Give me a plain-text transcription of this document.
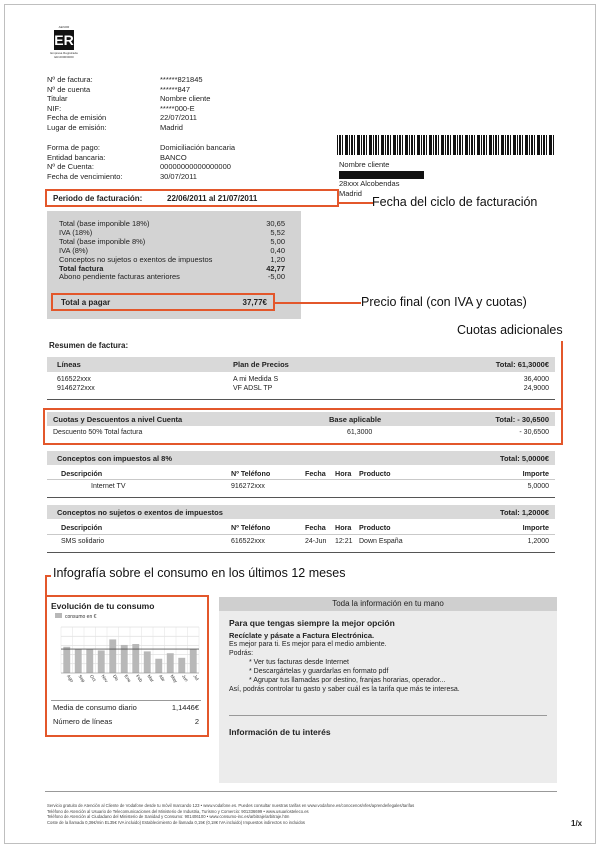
AENOR
ER
Empresa Registrada
ER-0000/0000
Nº de factura:	******821845
Nº de cuenta	******847
Titular	Nombre cliente
NIF:	*****000-E
Fecha de emisión	22/07/2011
Lugar de emisión:	Madrid
Forma de pago:	Domiciliación bancaria
Entidad bancaria:	BANCO
Nº de Cuenta:	00000000000000000
Fecha de vencimiento:	30/07/2011
Nombre cliente
28xxx Alcobendas
Madrid
Periodo de facturación:	22/06/2011 al 21/07/2011	Fecha del ciclo de facturación
Total (base imponible 18%)	30,65
IVA (18%)	5,52
Total (base imponible 8%)	5,00
IVA (8%)	0,40
Conceptos no sujetos o exentos de impuestos	1,20
Total factura	42,77
Abono pendiente facturas anteriores	-5,00
Total a pagar	37,77€	Precio final (con IVA y cuotas)
Cuotas adicionales
Resumen de factura:
Líneas	Plan de Precios	Total: 61,3000€
616522xxx	A mi Medida S	36,4000
9146272xxx	VF ADSL TP	24,9000
Cuotas y Descuentos a nivel Cuenta	Base aplicable	Total: - 30,6500
Descuento 50% Total factura	61,3000	- 30,6500
Conceptos con impuestos al 8%	Total: 5,0000€
Descripción	Nº Teléfono	Fecha Hora Producto	Importe
Internet TV	916272xxx	5,0000
Conceptos no sujetos o exentos de impuestos	Total: 1,2000€
Descripción	Nº Teléfono	Fecha Hora Producto	Importe
SMS solidario	616522xxx	24-Jun 12:21 Down España	1,2000
Infografía sobre el consumo en los últimos 12 meses
Evolución de tu consumo
consumo en €
Ago Sep Oct Nov Dic Ene Feb Mar Abr May Jun Jul
Media de consumo diario	1,1446€
Número de líneas	2
Toda la información en tu mano
Para que tengas siempre la mejor opción
Recíclate y pásate a Factura Electrónica.
Es mejor para ti. Es mejor para el medio ambiente.
Podrás:
* Ver tus facturas desde Internet
* Descargártelas y guardarlas en formato pdf
* Agrupar tus llamadas por destino, franjas horarias, operador...
Así, podrás controlar tu gasto y saber cuál es la tarifa que más te interesa.
Información de tu interés
Servicio gratuito de Atención al Cliente de Vodafone desde tu móvil marcando 123 • www.vodafone.es. Puedes consultar nuestras tarifas en www.vodafone.es/conocenos/vfes/aprende/legales/tarifas
Teléfono de Atención al Usuario de Telecomunicaciones del Ministerio de Industria, Turismo y Comercio: 901336699 • www.usuariosteleco.es
Teléfono de Atención al Ciudadano del Ministerio de Sanidad y Consumo: 901406100 • www.consumo-inc.es/arbitraje/arbitraje.htm
Coste de la llamada 0,36€/min EL35€ IVA incluido) Establecimiento de llamada 0,15€ (0,18€ IVA incluido) Impuestos indirectos no incluidos	1/x
